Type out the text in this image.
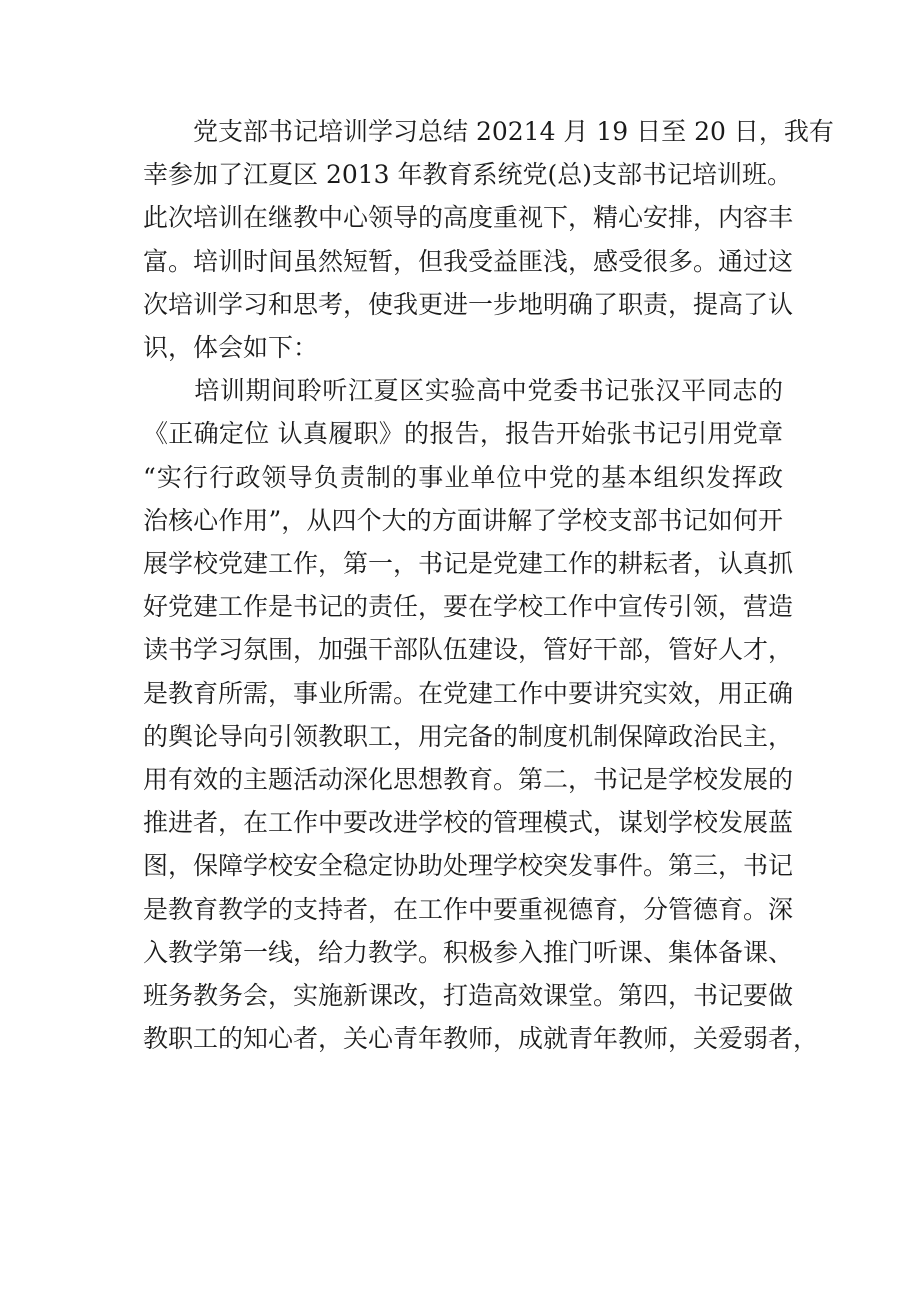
　　党支部书记培训学习总结 20214 月 19 日至 20 日，我有
幸参加了江夏区 2013 年教育系统党(总)支部书记培训班。
此次培训在继教中心领导的高度重视下，精心安排，内容丰
富。培训时间虽然短暂，但我受益匪浅，感受很多。通过这
次培训学习和思考，使我更进一步地明确了职责，提高了认
识，体会如下：

　　培训期间聆听江夏区实验高中党委书记张汉平同志的
《正确定位 认真履职》的报告，报告开始张书记引用党章
“实行行政领导负责制的事业单位中党的基本组织发挥政
治核心作用”，从四个大的方面讲解了学校支部书记如何开
展学校党建工作，第一，书记是党建工作的耕耘者，认真抓
好党建工作是书记的责任，要在学校工作中宣传引领，营造
读书学习氛围，加强干部队伍建设，管好干部，管好人才，
是教育所需，事业所需。在党建工作中要讲究实效，用正确
的舆论导向引领教职工，用完备的制度机制保障政治民主，
用有效的主题活动深化思想教育。第二，书记是学校发展的
推进者，在工作中要改进学校的管理模式，谋划学校发展蓝
图，保障学校安全稳定协助处理学校突发事件。第三，书记
是教育教学的支持者，在工作中要重视德育，分管德育。深
入教学第一线，给力教学。积极参入推门听课、集体备课、
班务教务会，实施新课改，打造高效课堂。第四，书记要做
教职工的知心者，关心青年教师，成就青年教师，关爱弱者，
